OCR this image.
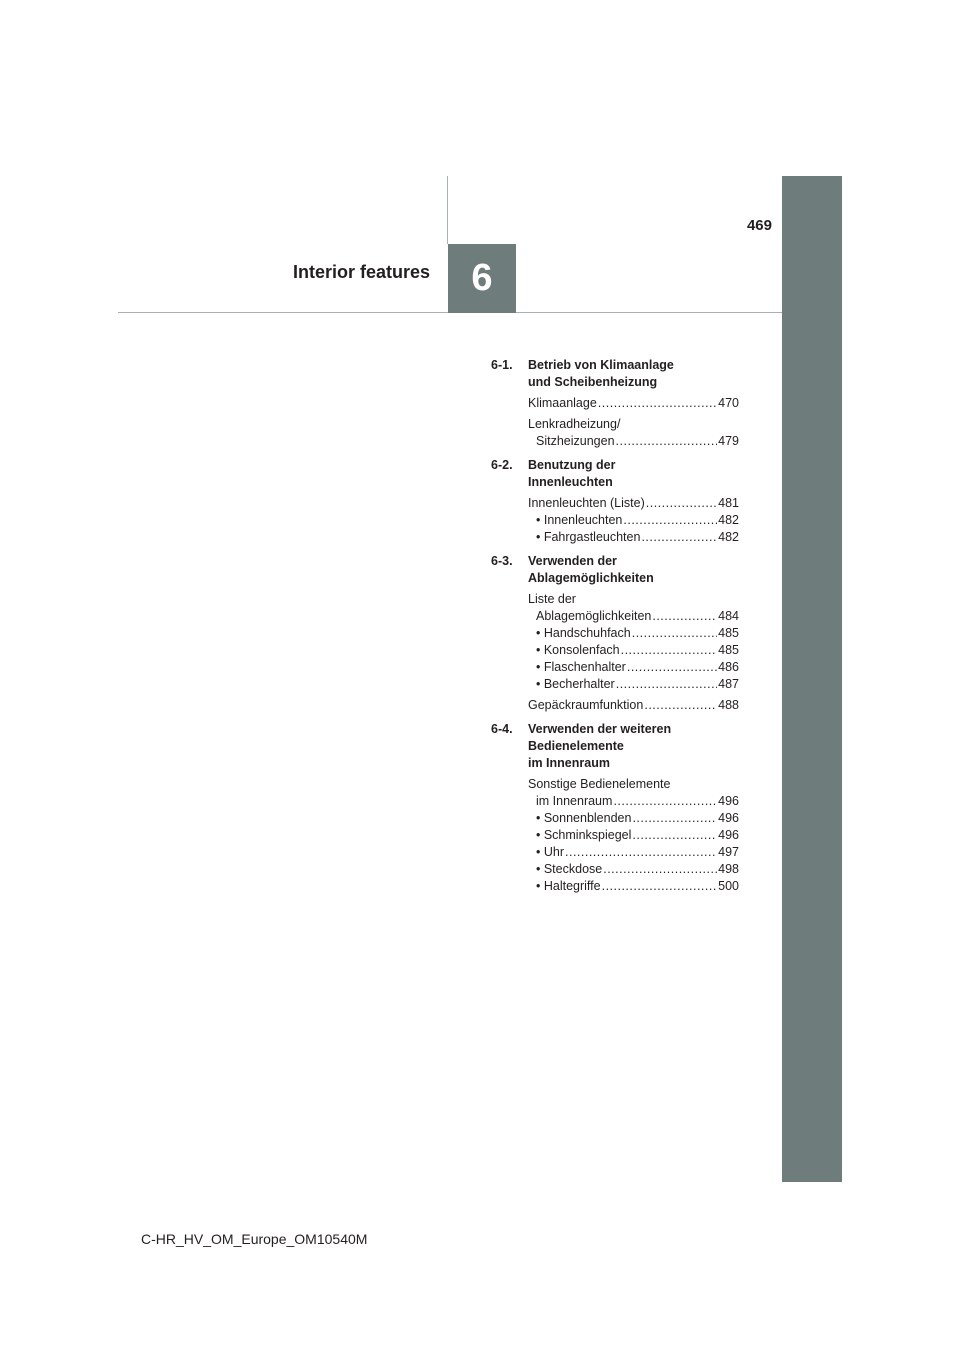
469
Interior features 6
6-1.	Betrieb von Klimaanlage
und Scheibenheizung
Klimaanlage .....	470
Lenkradheizung/
Sitzheizungen .....	479
6-2.	Benutzung der
Innenleuchten
Innenleuchten (Liste) .....	481
• Innenleuchten .....	482
• Fahrgastleuchten .....	482
6-3.	Verwenden der
Ablagemöglichkeiten
Liste der
Ablagemöglichkeiten .....	484
• Handschuhfach .....	485
• Konsolenfach .....	485
• Flaschenhalter .....	486
• Becherhalter .....	487
Gepäckraumfunktion .....	488
6-4.	Verwenden der weiteren
Bedienelemente
im Innenraum
Sonstige Bedienelemente
im Innenraum .....	496
• Sonnenblenden .....	496
• Schminkspiegel .....	496
• Uhr .....	497
• Steckdose .....	498
• Haltegriffe .....	500
C-HR_HV_OM_Europe_OM10540M
